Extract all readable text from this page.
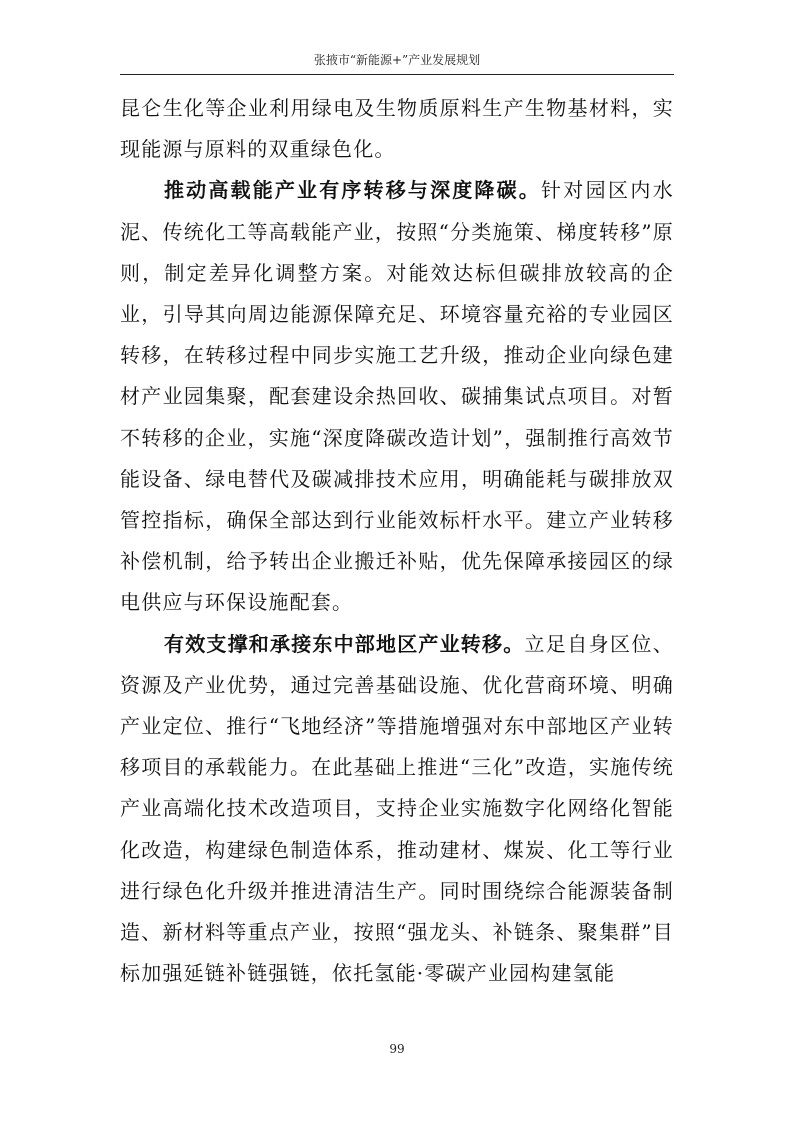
张掖市“新能源+”产业发展规划

昆仑生化等企业利用绿电及生物质原料生产生物基材料，实现能源与原料的双重绿色化。

推动高载能产业有序转移与深度降碳。针对园区内水泥、传统化工等高载能产业，按照“分类施策、梯度转移”原则，制定差异化调整方案。对能效达标但碳排放较高的企业，引导其向周边能源保障充足、环境容量充裕的专业园区转移，在转移过程中同步实施工艺升级，推动企业向绿色建材产业园集聚，配套建设余热回收、碳捕集试点项目。对暂不转移的企业，实施“深度降碳改造计划”，强制推行高效节能设备、绿电替代及碳减排技术应用，明确能耗与碳排放双管控指标，确保全部达到行业能效标杆水平。建立产业转移补偿机制，给予转出企业搬迁补贴，优先保障承接园区的绿电供应与环保设施配套。

有效支撑和承接东中部地区产业转移。立足自身区位、资源及产业优势，通过完善基础设施、优化营商环境、明确产业定位、推行“飞地经济”等措施增强对东中部地区产业转移项目的承载能力。在此基础上推进“三化”改造，实施传统产业高端化技术改造项目，支持企业实施数字化网络化智能化改造，构建绿色制造体系，推动建材、煤炭、化工等行业进行绿色化升级并推进清洁生产。同时围绕综合能源装备制造、新材料等重点产业，按照“强龙头、补链条、聚集群”目标加强延链补链强链，依托氢能·零碳产业园构建氢能

99
